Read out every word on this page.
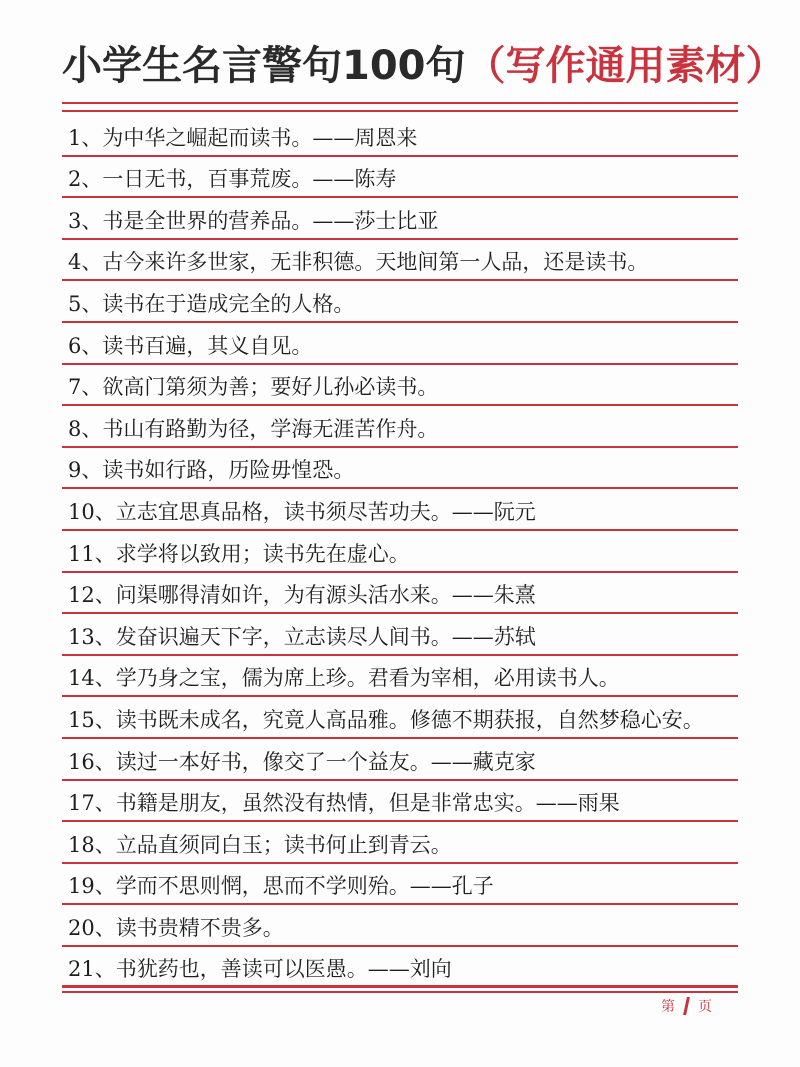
小学生名言警句100句（写作通用素材）
1、为中华之崛起而读书。——周恩来
2、一日无书，百事荒废。——陈寿
3、书是全世界的营养品。——莎士比亚
4、古今来许多世家，无非积德。天地间第一人品，还是读书。
5、读书在于造成完全的人格。
6、读书百遍，其义自见。
7、欲高门第须为善；要好儿孙必读书。
8、书山有路勤为径，学海无涯苦作舟。
9、读书如行路，历险毋惶恐。
10、立志宜思真品格，读书须尽苦功夫。——阮元
11、求学将以致用；读书先在虚心。
12、问渠哪得清如许，为有源头活水来。——朱熹
13、发奋识遍天下字，立志读尽人间书。——苏轼
14、学乃身之宝，儒为席上珍。君看为宰相，必用读书人。
15、读书既未成名，究竟人高品雅。修德不期获报，自然梦稳心安。
16、读过一本好书，像交了一个益友。——藏克家
17、书籍是朋友，虽然没有热情，但是非常忠实。——雨果
18、立品直须同白玉；读书何止到青云。
19、学而不思则惘，思而不学则殆。——孔子
20、读书贵精不贵多。
21、书犹药也，善读可以医愚。——刘向
第 页
